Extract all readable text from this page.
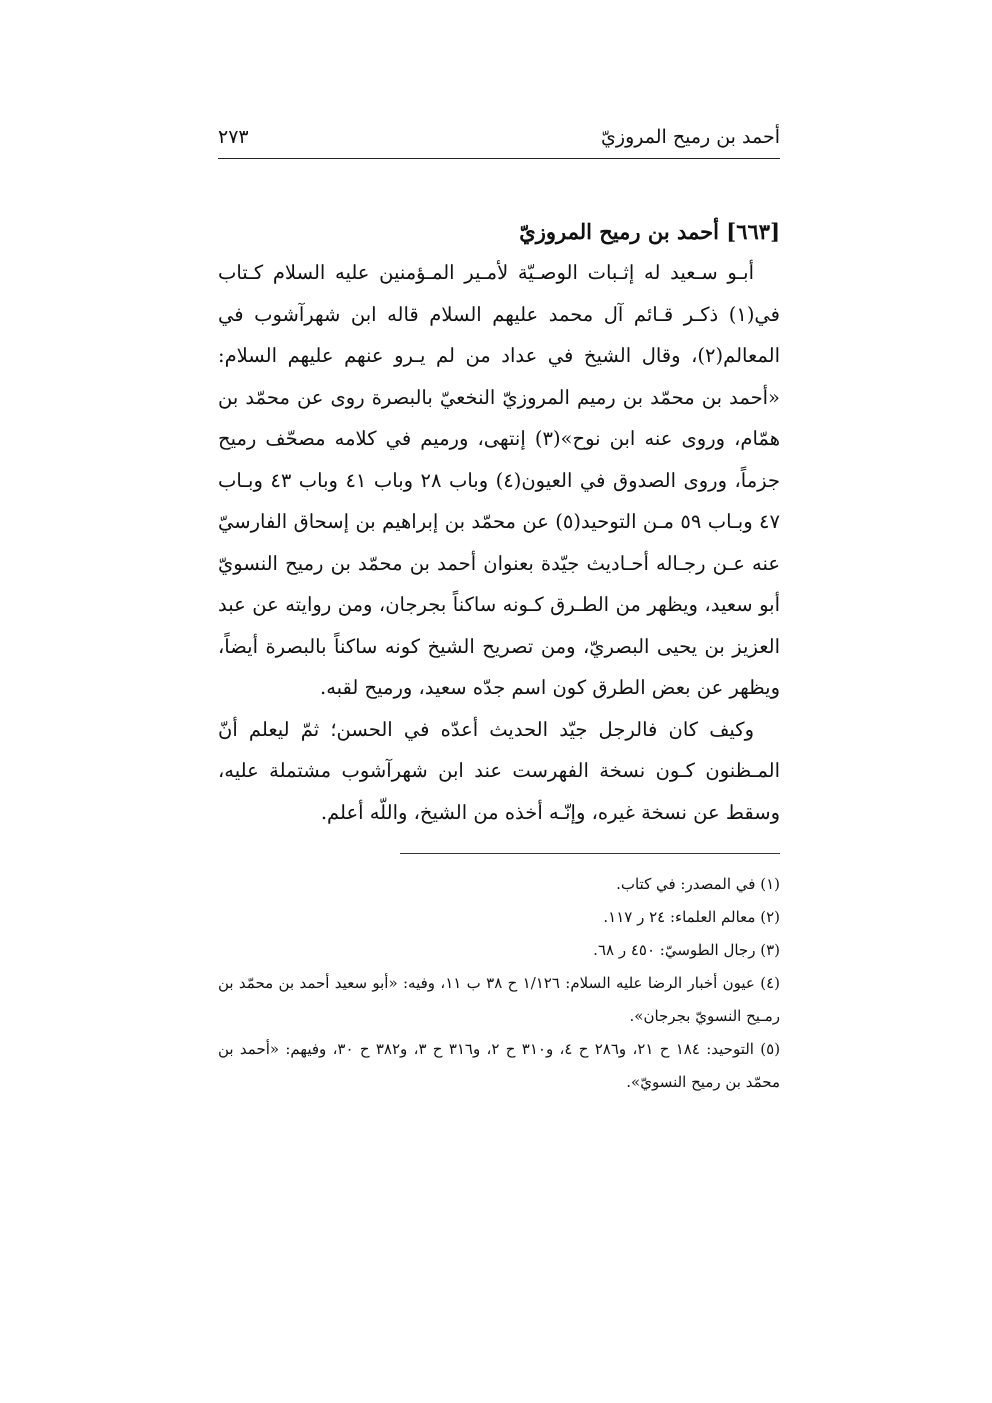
أحمد بن رميح المروزيّ
٢٧٣
[٦٦٣] أحمد بن رميح المروزيّ

أبـو سـعيد له إثـبات الوصـيّة لأمـير المـؤمنين عليه السلام كـتاب في(١) ذكـر قـائم آل محمد عليهم السلام قاله ابن شهرآشوب في المعالم(٢)، وقال الشيخ في عداد من لم يـرو عنهم عليهم السلام: «أحمد بن محمّد بن رميم المروزيّ النخعيّ بالبصرة روى عن محمّد بن همّام، وروى عنه ابن نوح»(٣) إنتهى، ورميم في كلامه مصحّف رميح جزماً، وروى الصدوق في العيون(٤) وباب ٢٨ وباب ٤١ وباب ٤٣ وبـاب ٤٧ وبـاب ٥٩ مـن التوحيد(٥) عن محمّد بن إبراهيم بن إسحاق الفارسيّ عنه عـن رجـاله أحـاديث جيّدة بعنوان أحمد بن محمّد بن رميح النسويّ أبو سعيد، ويظهر من الطـرق كـونه ساكناً بجرجان، ومن روايته عن عبد العزيز بن يحيى البصريّ، ومن تصريح الشيخ كونه ساكناً بالبصرة أيضاً، ويظهر عن بعض الطرق كون اسم جدّه سعيد، ورميح لقبه.

وكيف كان فالرجل جيّد الحديث أعدّه في الحسن؛ ثمّ ليعلم أنّ المـظنون كـون نسخة الفهرست عند ابن شهرآشوب مشتملة عليه، وسقط عن نسخة غيره، وإنّـه أخذه من الشيخ، واللّه أعلم.

(١) في المصدر: في كتاب.
(٢) معالم العلماء: ٢٤ ر ١١٧.
(٣) رجال الطوسيّ: ٤٥٠ ر ٦٨.
(٤) عيون أخبار الرضا عليه السلام: ١/١٢٦ ح ٣٨ ب ١١، وفيه: «أبو سعيد أحمد بن محمّد بن رمـيح النسويّ بجرجان».
(٥) التوحيد: ١٨٤ ح ٢١، و٢٨٦ ح ٤، و٣١٠ ح ٢، و٣١٦ ح ٣، و٣٨٢ ح ٣٠، وفيهم: «أحمد بن محمّد بن رميح النسويّ».
